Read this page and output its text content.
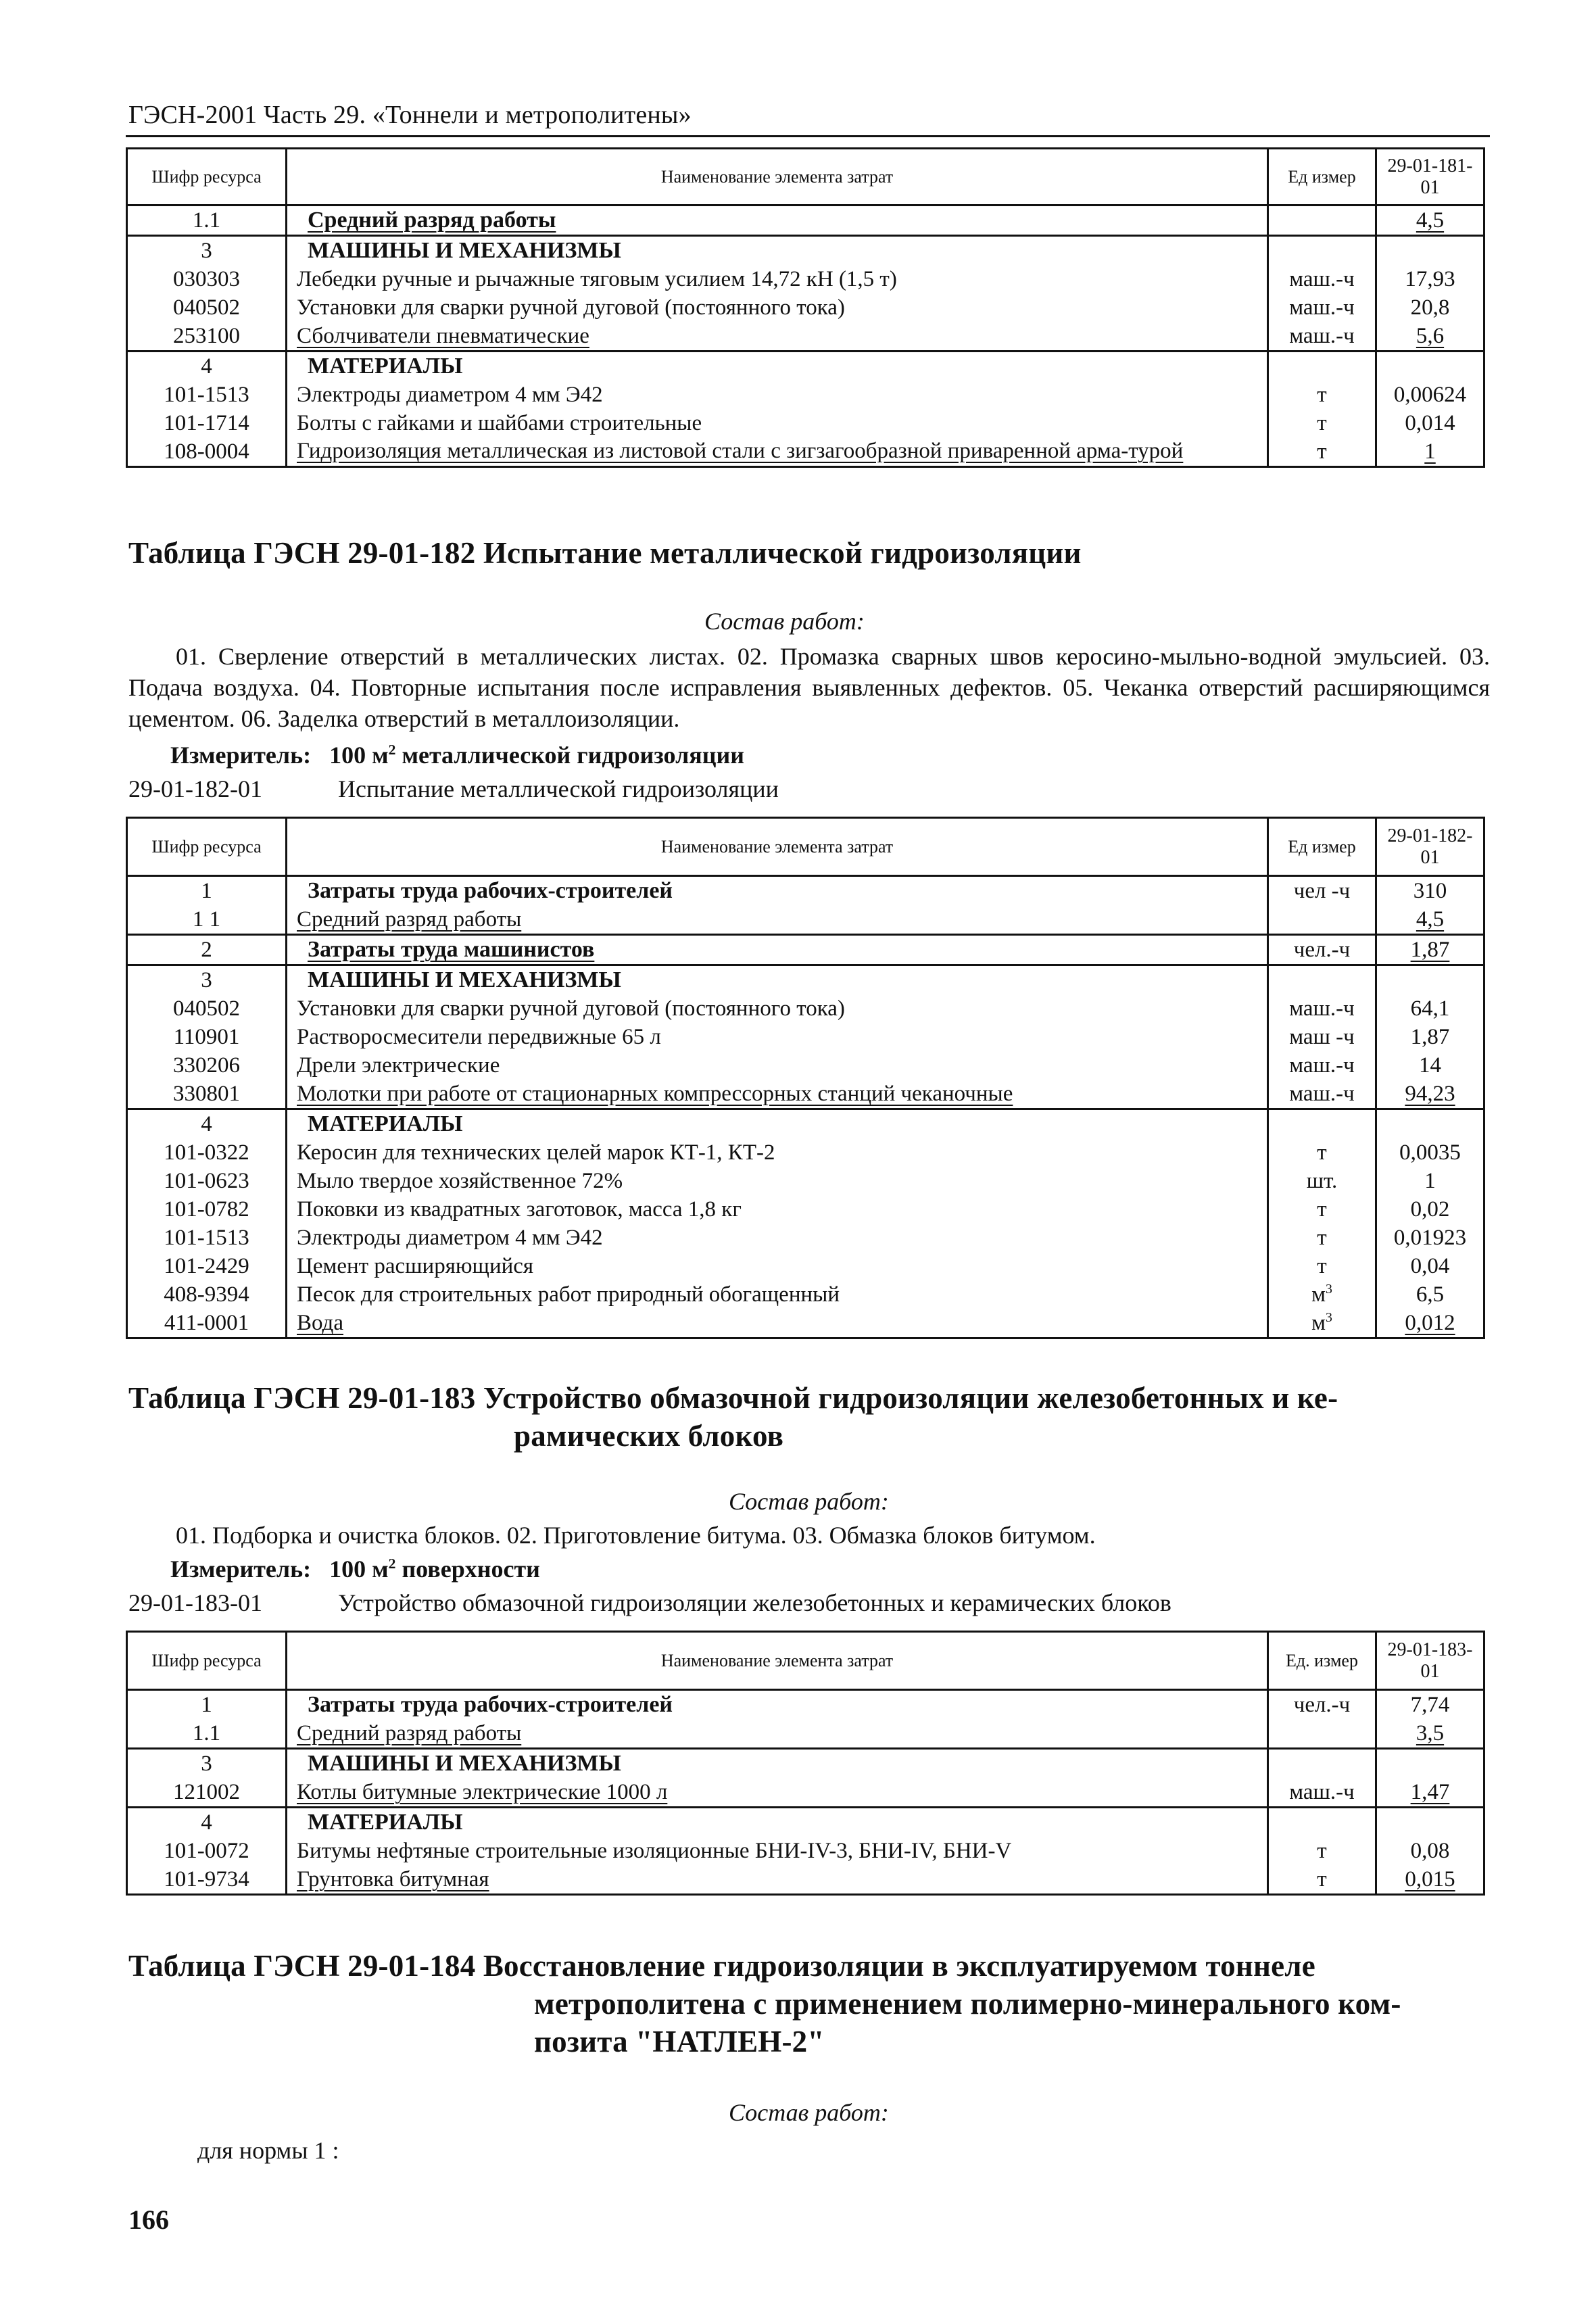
ГЭСН-2001 Часть 29. «Тоннели и метрополитены»
Шифр ресурса	Наименование элемента затрат	Ед измер	29-01-181-01
1.1	Средний разряд работы		4,5
3	МАШИНЫ И МЕХАНИЗМЫ		
030303	Лебедки ручные и рычажные тяговым усилием 14,72 кН (1,5 т)	маш.-ч	17,93
040502	Установки для сварки ручной дуговой (постоянного тока)	маш.-ч	20,8
253100	Сболчиватели пневматические	маш.-ч	5,6
4	МАТЕРИАЛЫ		
101-1513	Электроды диаметром 4 мм Э42	т	0,00624
101-1714	Болты с гайками и шайбами строительные	т	0,014
108-0004	Гидроизоляция металлическая из листовой стали с зигзагообразной приваренной арма-турой	т	1
Таблица ГЭСН 29-01-182 Испытание металлической гидроизоляции
Состав работ:
01. Сверление отверстий в металлических листах. 02. Промазка сварных швов керосино-мыльно-водной эмульсией. 03. Подача воздуха. 04. Повторные испытания после исправления выявленных дефектов. 05. Чеканка отверстий расширяющимся цементом. 06. Заделка отверстий в металлоизоляции.
Измеритель: 100 $м^2$ металлической гидроизоляции
29-01-182-01	Испытание металлической гидроизоляции
Шифр ресурса	Наименование элемента затрат	Ед измер	29-01-182-01
1	Затраты труда рабочих-строителей	чел -ч	310
1 1	Средний разряд работы		4,5
2	Затраты труда машинистов	чел.-ч	1,87
3	МАШИНЫ И МЕХАНИЗМЫ		
040502	Установки для сварки ручной дуговой (постоянного тока)	маш.-ч	64,1
110901	Растворосмесители передвижные 65 л	маш -ч	1,87
330206	Дрели электрические	маш.-ч	14
330801	Молотки при работе от стационарных компрессорных станций чеканочные	маш.-ч	94,23
4	МАТЕРИАЛЫ		
101-0322	Керосин для технических целей марок КТ-1, КТ-2	т	0,0035
101-0623	Мыло твердое хозяйственное 72%	шт.	1
101-0782	Поковки из квадратных заготовок, масса 1,8 кг	т	0,02
101-1513	Электроды диаметром 4 мм Э42	т	0,01923
101-2429	Цемент расширяющийся	т	0,04
408-9394	Песок для строительных работ природный обогащенный	$м^3$	6,5
411-0001	Вода	$м^3$	0,012
Таблица ГЭСН 29-01-183 Устройство обмазочной гидроизоляции железобетонных и ке-
рамических блоков
Состав работ:
01. Подборка и очистка блоков. 02. Приготовление битума. 03. Обмазка блоков битумом.
Измеритель: 100 $м^2$ поверхности
29-01-183-01	Устройство обмазочной гидроизоляции железобетонных и керамических блоков
Шифр ресурса	Наименование элемента затрат	Ед. измер	29-01-183-01
1	Затраты труда рабочих-строителей	чел.-ч	7,74
1.1	Средний разряд работы		3,5
3	МАШИНЫ И МЕХАНИЗМЫ		
121002	Котлы битумные электрические 1000 л	маш.-ч	1,47
4	МАТЕРИАЛЫ		
101-0072	Битумы нефтяные строительные изоляционные БНИ-IV-3, БНИ-IV, БНИ-V	т	0,08
101-9734	Грунтовка битумная	т	0,015
Таблица ГЭСН 29-01-184 Восстановление гидроизоляции в эксплуатируемом тоннеле
метрополитена с применением полимерно-минерального ком-
позита "НАТЛЕН-2"
Состав работ:
для нормы 1 :
166
